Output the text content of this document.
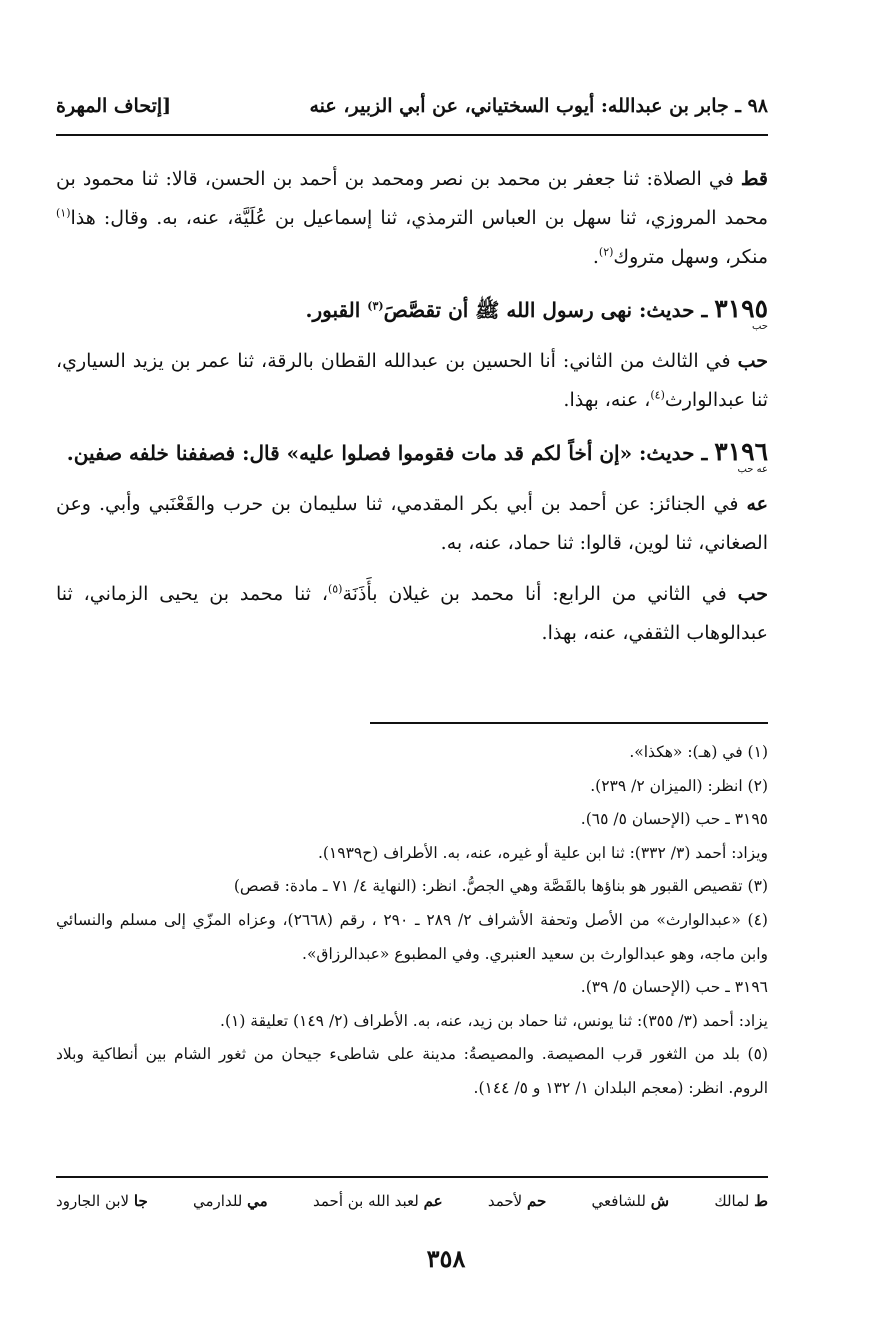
٩٨ ـ جابر بن عبدالله: أيوب السختياني، عن أبي الزبير، عنه
[إتحاف المهرة

قط في الصلاة: ثنا جعفر بن محمد بن نصر ومحمد بن أحمد بن الحسن، قالا: ثنا محمود بن محمد المروزي، ثنا سهل بن العباس الترمذي، ثنا إسماعيل بن عُلَيَّة، عنه، به. وقال: هذا$^{(١)}$ منكر، وسهل متروك$^{(٢)}$.

٣١٩٥ ـ حديث: نهى رسول الله ﷺ أن تقصَّصَ$^{(٣)}$ القبور.

حب

حب في الثالث من الثاني: أنا الحسين بن عبدالله القطان بالرقة، ثنا عمر بن يزيد السياري، ثنا عبدالوارث$^{(٤)}$، عنه، بهذا.

٣١٩٦ ـ حديث: «إن أخاً لكم قد مات فقوموا فصلوا عليه» قال: فصففنا خلفه صفين.

عه حب

عه في الجنائز: عن أحمد بن أبي بكر المقدمي، ثنا سليمان بن حرب والقَعْنَبي وأبي. وعن الصغاني، ثنا لوين، قالوا: ثنا حماد، عنه، به.

حب في الثاني من الرابع: أنا محمد بن غيلان بأَذَنَة$^{(٥)}$، ثنا محمد بن يحيى الزماني، ثنا عبدالوهاب الثقفي، عنه، بهذا.

(١) في (هـ): «هكذا».

(٢) انظر: (الميزان ٢/ ٢٣٩).

٣١٩٥ ـ حب (الإحسان ٥/ ٦٥).

ويزاد: أحمد (٣/ ٣٣٢): ثنا ابن علية أو غيره، عنه، به. الأطراف (ح١٩٣٩).

(٣) تقصيص القبور هو بناؤها بالقَصَّة وهي الجصُّ. انظر: (النهاية ٤/ ٧١ ـ مادة: قصص)

(٤) «عبدالوارث» من الأصل وتحفة الأشراف ٢/ ٢٨٩ ـ ٢٩٠ ، رقم (٢٦٦٨)، وعزاه المزّي إلى مسلم والنسائي وابن ماجه، وهو عبدالوارث بن سعيد العنبري. وفي المطبوع «عبدالرزاق».

٣١٩٦ ـ حب (الإحسان ٥/ ٣٩).

يزاد: أحمد (٣/ ٣٥٥): ثنا يونس، ثنا حماد بن زيد، عنه، به. الأطراف (٢/ ١٤٩) تعليقة (١).

(٥) بلد من الثغور قرب المصيصة. والمصيصةُ: مدينة على شاطىء جيحان من ثغور الشام بين أنطاكية وبلاد الروم. انظر: (معجم البلدان ١/ ١٣٢ و ٥/ ١٤٤).

ط لمالك
ش للشافعي
حم لأحمد
عم لعبد الله بن أحمد
مي للدارمي
جا لابن الجارود
٣٥٨
